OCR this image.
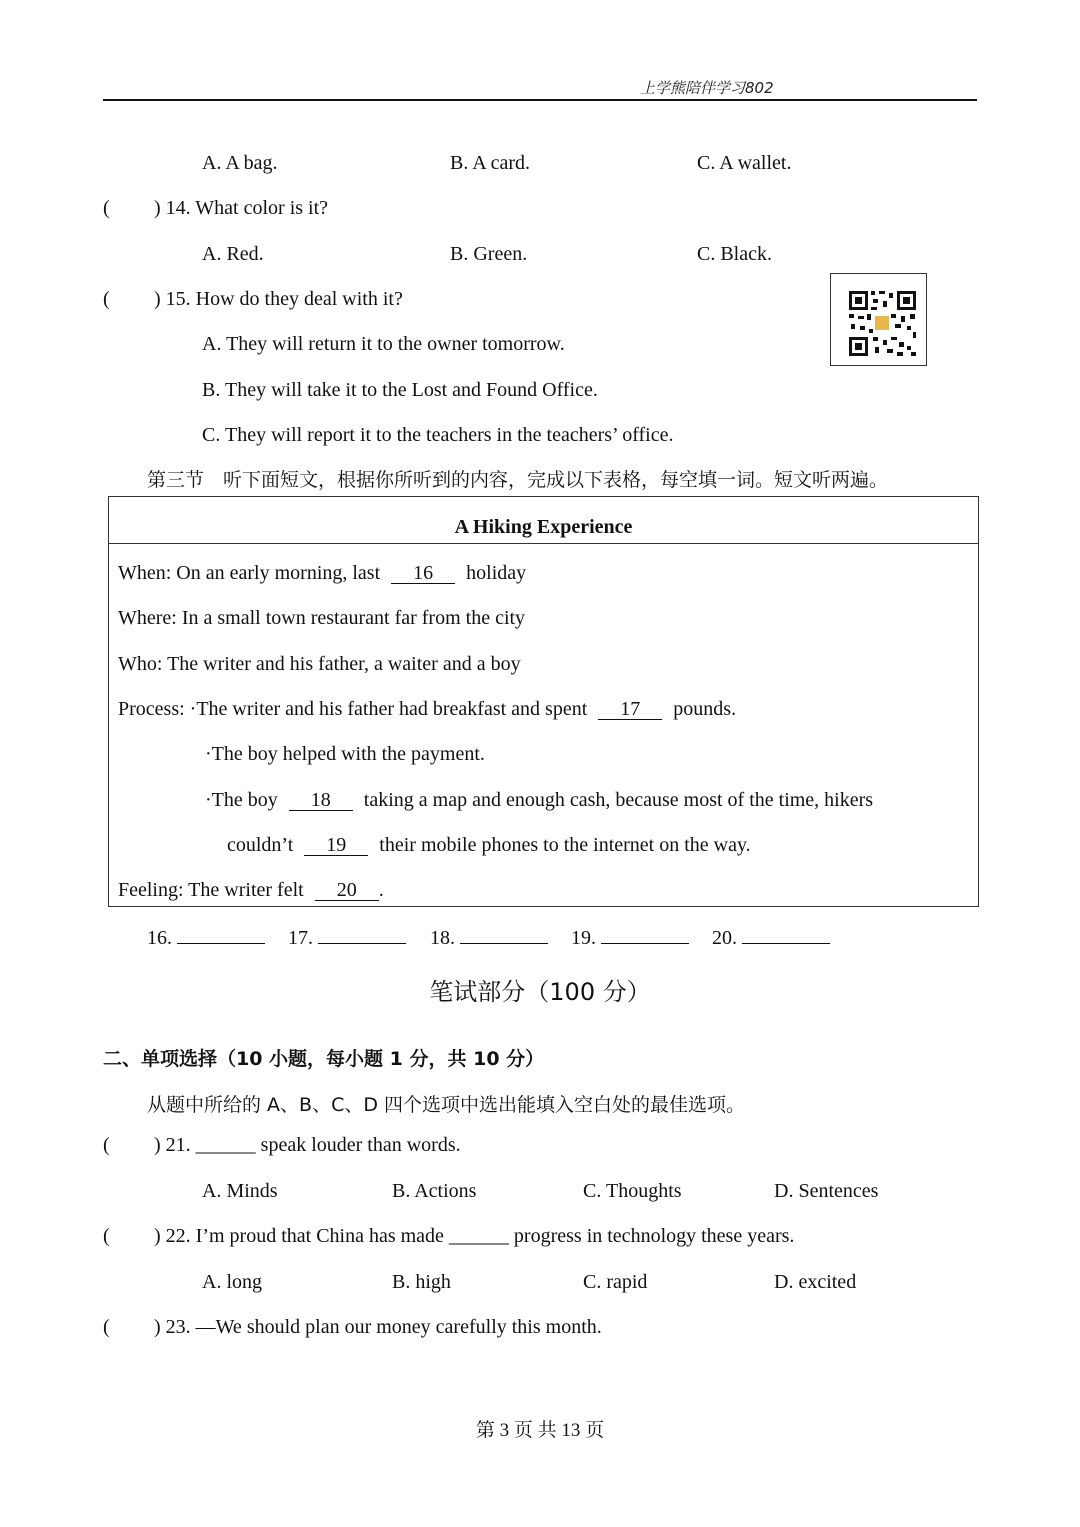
上学熊陪伴学习802
A. A bag.	B. A card.	C. A wallet.
( ) 14. What color is it?
A. Red.	B. Green.	C. Black.
( ) 15. How do they deal with it?
A. They will return it to the owner tomorrow.
B. They will take it to the Lost and Found Office.
C. They will report it to the teachers in the teachers’ office.
第三节　听下面短文，根据你所听到的内容，完成以下表格，每空填一词。短文听两遍。
A Hiking Experience
When: On an early morning, last 16 holiday
Where: In a small town restaurant far from the city
Who: The writer and his father, a waiter and a boy
Process: ·The writer and his father had breakfast and spent 17 pounds.
·The boy helped with the payment.
·The boy 18 taking a map and enough cash, because most of the time, hikers
couldn’t 19 their mobile phones to the internet on the way.
Feeling: The writer felt 20 .
16.	17.	18.	19.	20.
笔试部分（100 分）
二、单项选择（10 小题，每小题 1 分，共 10 分）
从题中所给的 A、B、C、D 四个选项中选出能填入空白处的最佳选项。
( ) 21. ______ speak louder than words.
A. Minds	B. Actions	C. Thoughts	D. Sentences
( ) 22. I’m proud that China has made ______ progress in technology these years.
A. long	B. high	C. rapid	D. excited
( ) 23. —We should plan our money carefully this month.
第 3 页 共 13 页
